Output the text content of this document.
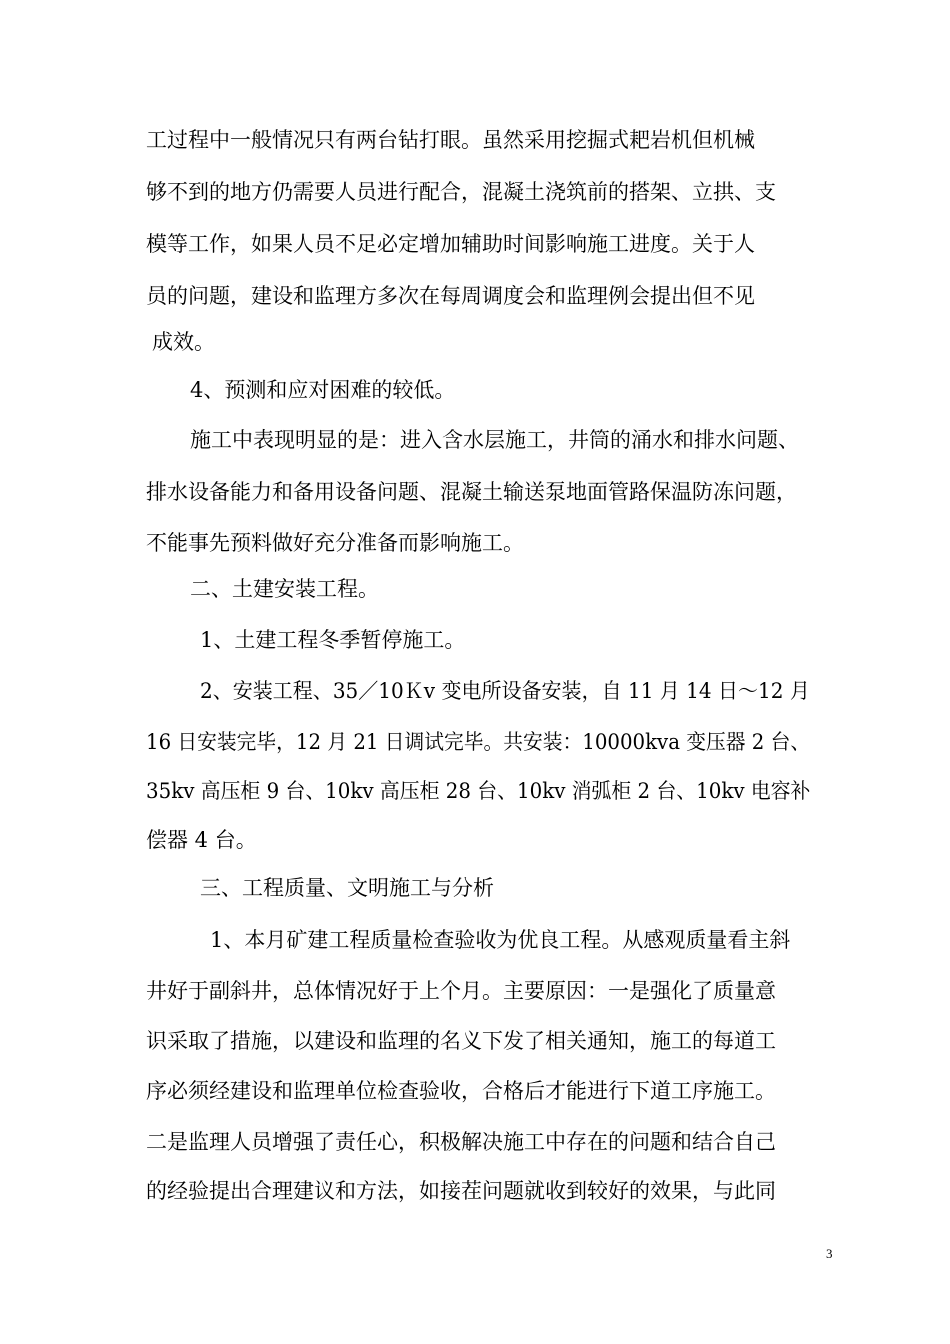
工过程中一般情况只有两台钻打眼。虽然采用挖掘式耙岩机但机械
够不到的地方仍需要人员进行配合，混凝土浇筑前的搭架、立拱、支
模等工作，如果人员不足必定增加辅助时间影响施工进度。关于人
员的问题，建设和监理方多次在每周调度会和监理例会提出但不见
成效。
4、预测和应对困难的较低。
施工中表现明显的是：进入含水层施工，井筒的涌水和排水问题、
排水设备能力和备用设备问题、混凝土输送泵地面管路保温防冻问题，
不能事先预料做好充分准备而影响施工。
二、土建安装工程。
1、土建工程冬季暂停施工。
2、安装工程、35／10Ｋv 变电所设备安装，自 11 月 14 日～12 月
16 日安装完毕，12 月 21 日调试完毕。共安装：10000kva 变压器 2 台、
35kv 高压柜 9 台、10kv 高压柜 28 台、10kv 消弧柜 2 台、10kv 电容补
偿器 4 台。
三、工程质量、文明施工与分析
1、本月矿建工程质量检查验收为优良工程。从感观质量看主斜
井好于副斜井，总体情况好于上个月。主要原因：一是强化了质量意
识采取了措施，以建设和监理的名义下发了相关通知，施工的每道工
序必须经建设和监理单位检查验收，合格后才能进行下道工序施工。
二是监理人员增强了责任心，积极解决施工中存在的问题和结合自己
的经验提出合理建议和方法，如接茬问题就收到较好的效果，与此同
3
